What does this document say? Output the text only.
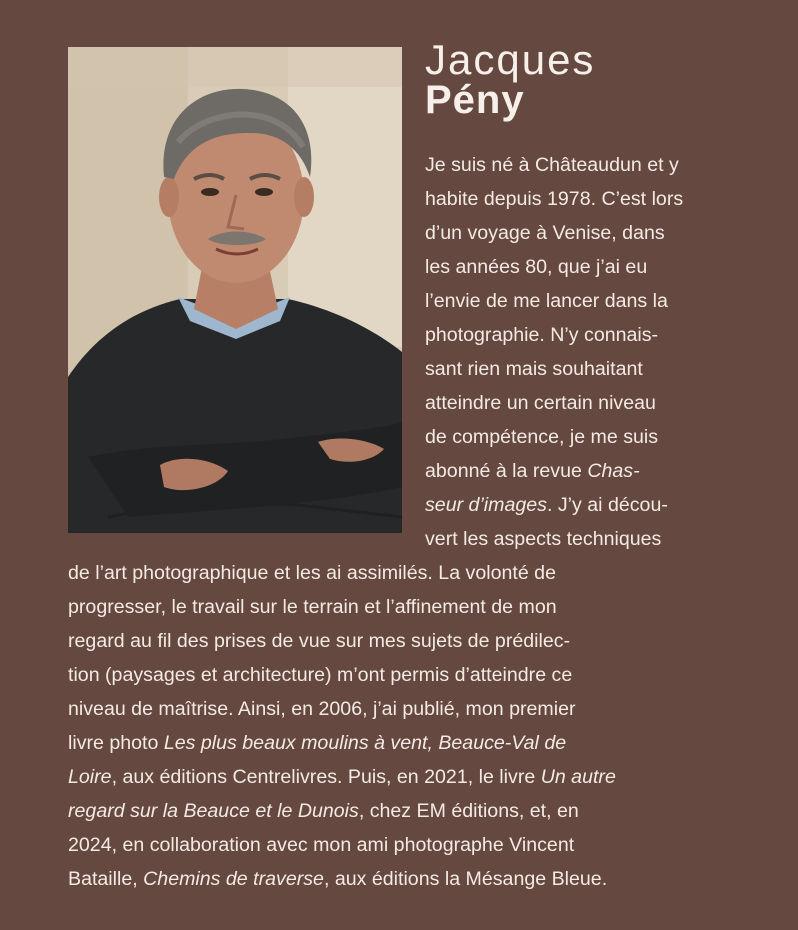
Jacques
Pény
Je suis né à Châteaudun et y
habite depuis 1978. C’est lors
d’un voyage à Venise, dans
les années 80, que j’ai eu
l’envie de me lancer dans la
photographie. N’y connais-
sant rien mais souhaitant
atteindre un certain niveau
de compétence, je me suis
abonné à la revue Chas-
seur d’images. J’y ai décou-
vert les aspects techniques
de l’art photographique et les ai assimilés. La volonté de
progresser, le travail sur le terrain et l’affinement de mon
regard au fil des prises de vue sur mes sujets de prédilec-
tion (paysages et architecture) m’ont permis d’atteindre ce
niveau de maîtrise. Ainsi, en 2006, j’ai publié, mon premier
livre photo Les plus beaux moulins à vent, Beauce-Val de
Loire, aux éditions Centrelivres. Puis, en 2021, le livre Un autre
regard sur la Beauce et le Dunois, chez EM éditions, et, en
2024, en collaboration avec mon ami photographe Vincent
Bataille, Chemins de traverse, aux éditions la Mésange Bleue.
